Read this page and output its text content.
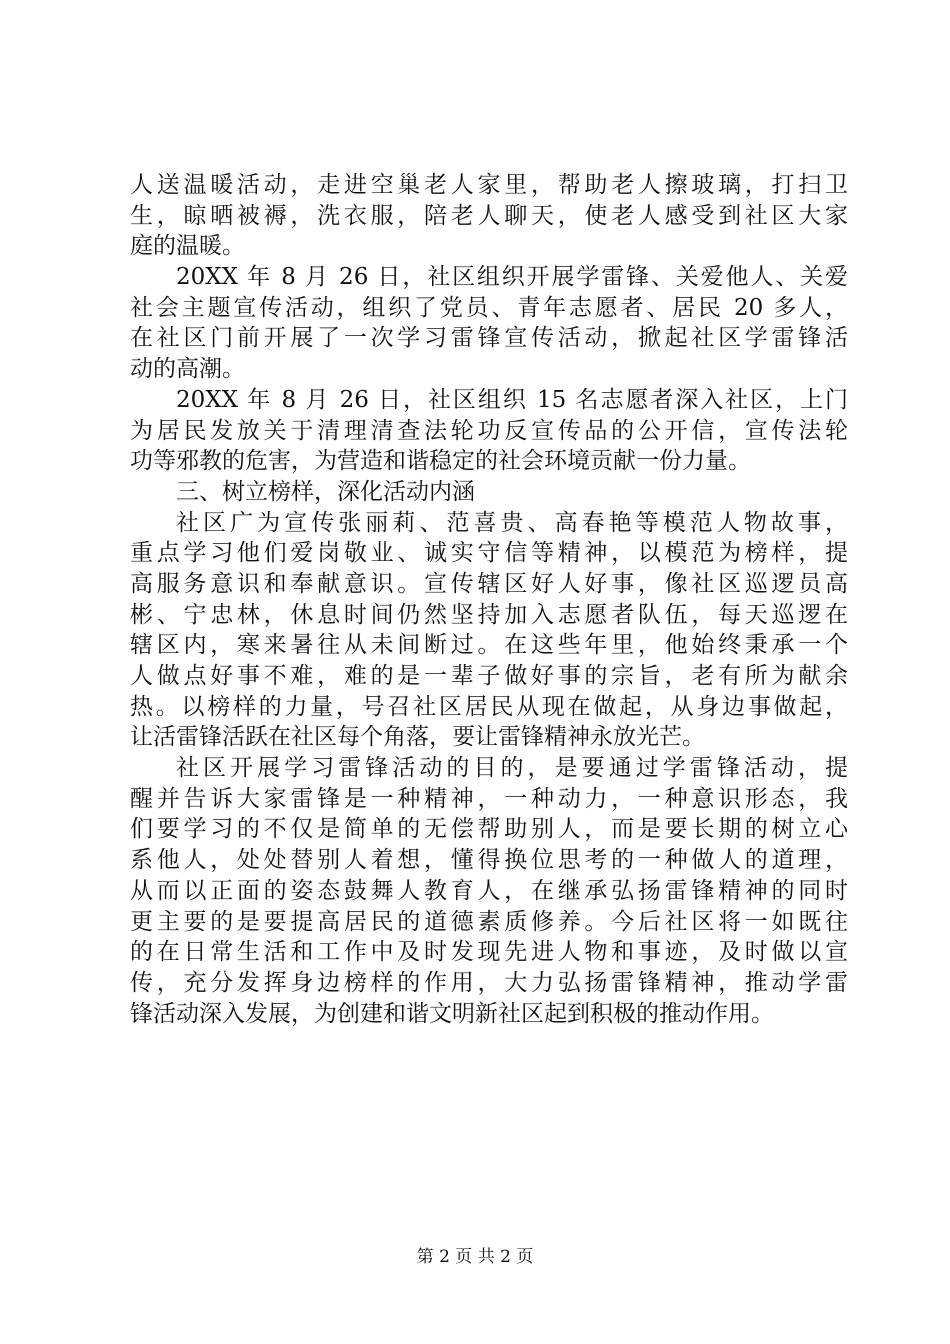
人送温暖活动，走进空巢老人家里，帮助老人擦玻璃，打扫卫
生，晾晒被褥，洗衣服，陪老人聊天，使老人感受到社区大家
庭的温暖。
20XX 年 8 月 26 日，社区组织开展学雷锋、关爱他人、关爱
社会主题宣传活动，组织了党员、青年志愿者、居民 20 多人，
在社区门前开展了一次学习雷锋宣传活动，掀起社区学雷锋活
动的高潮。
20XX 年 8 月 26 日，社区组织 15 名志愿者深入社区，上门
为居民发放关于清理清查法轮功反宣传品的公开信，宣传法轮
功等邪教的危害，为营造和谐稳定的社会环境贡献一份力量。
三、树立榜样，深化活动内涵
社区广为宣传张丽莉、范喜贵、高春艳等模范人物故事，
重点学习他们爱岗敬业、诚实守信等精神，以模范为榜样，提
高服务意识和奉献意识。宣传辖区好人好事，像社区巡逻员高
彬、宁忠林，休息时间仍然坚持加入志愿者队伍，每天巡逻在
辖区内，寒来暑往从未间断过。在这些年里，他始终秉承一个
人做点好事不难，难的是一辈子做好事的宗旨，老有所为献余
热。以榜样的力量，号召社区居民从现在做起，从身边事做起，
让活雷锋活跃在社区每个角落，要让雷锋精神永放光芒。
社区开展学习雷锋活动的目的，是要通过学雷锋活动，提
醒并告诉大家雷锋是一种精神，一种动力，一种意识形态，我
们要学习的不仅是简单的无偿帮助别人，而是要长期的树立心
系他人，处处替别人着想，懂得换位思考的一种做人的道理，
从而以正面的姿态鼓舞人教育人，在继承弘扬雷锋精神的同时
更主要的是要提高居民的道德素质修养。今后社区将一如既往
的在日常生活和工作中及时发现先进人物和事迹，及时做以宣
传，充分发挥身边榜样的作用，大力弘扬雷锋精神，推动学雷
锋活动深入发展，为创建和谐文明新社区起到积极的推动作用。
第 2 页 共 2 页
